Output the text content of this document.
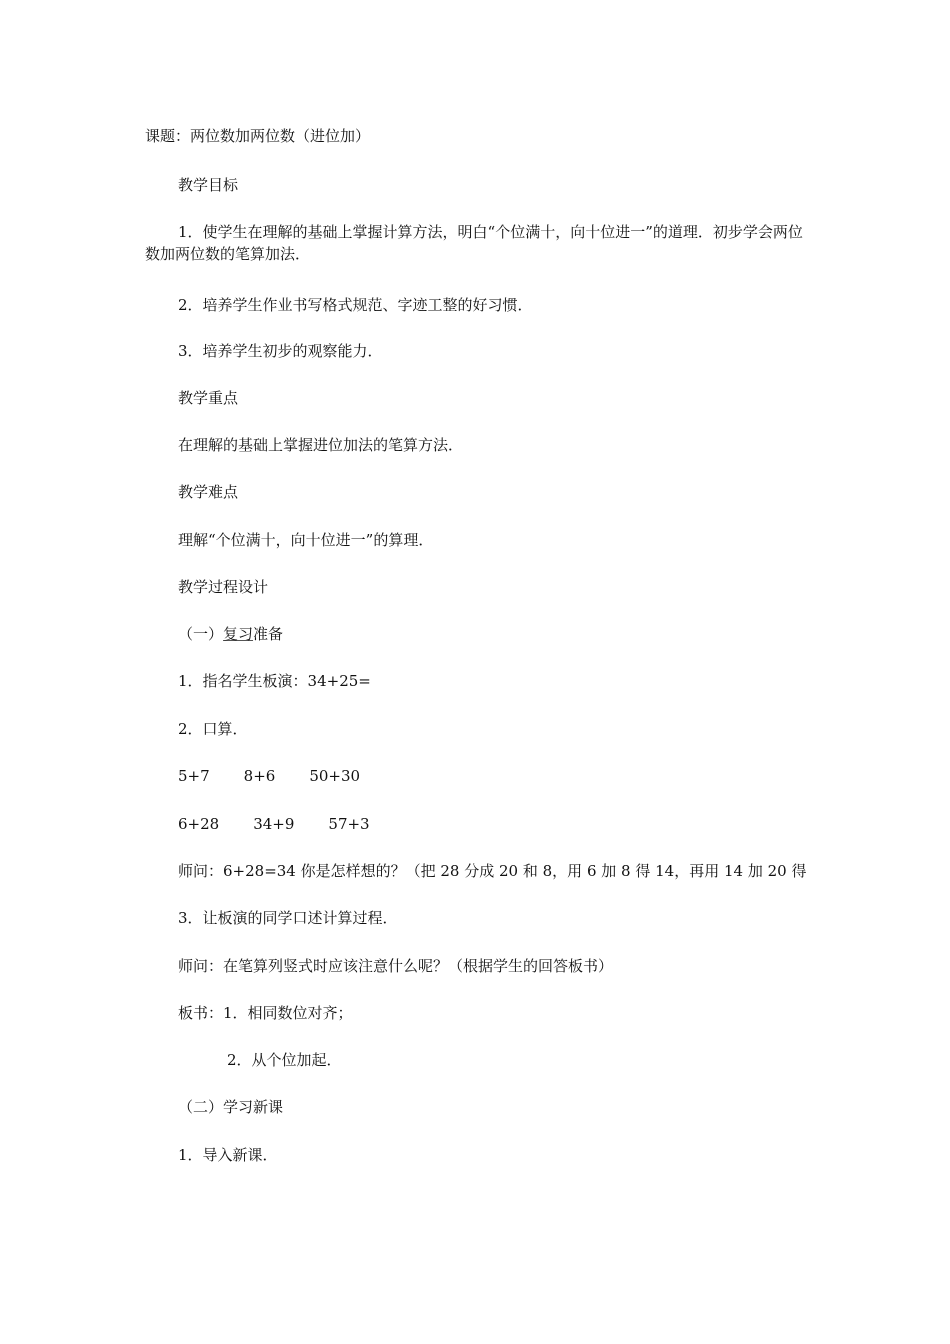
课题：两位数加两位数（进位加）
教学目标
1．使学生在理解的基础上掌握计算方法，明白“个位满十，向十位进一”的道理．初步学会两位数加两位数的笔算加法．
2．培养学生作业书写格式规范、字迹工整的好习惯．
3．培养学生初步的观察能力．
教学重点
在理解的基础上掌握进位加法的笔算方法．
教学难点
理解“个位满十，向十位进一”的算理．
教学过程设计
（一）复习准备
1．指名学生板演：34+25=
2．口算．
5+7 8+6 50+30
6+28 34+9 57+3
师问：6+28=34 你是怎样想的？（把 28 分成 20 和 8，用 6 加 8 得 14，再用 14 加 20 得
3．让板演的同学口述计算过程．
师问：在笔算列竖式时应该注意什么呢？（根据学生的回答板书）
板书：1．相同数位对齐；
2．从个位加起．
（二）学习新课
1．导入新课．
